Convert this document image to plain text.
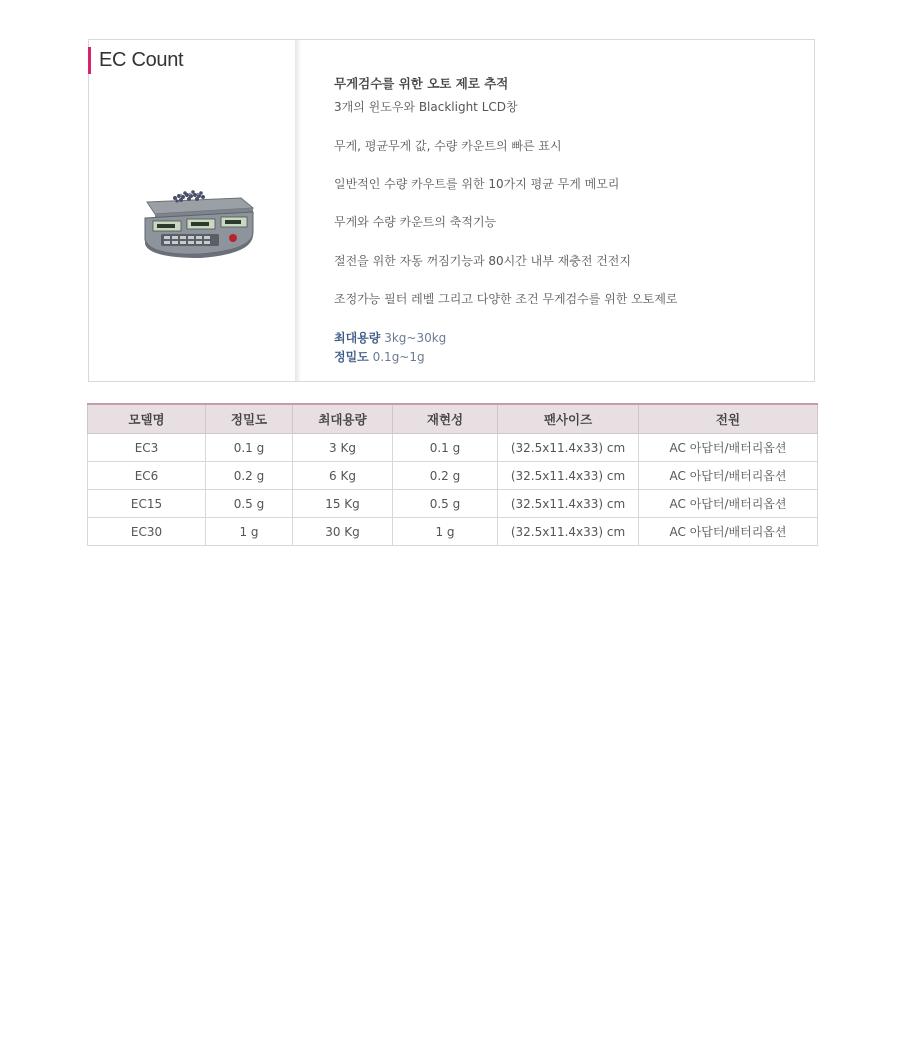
EC Count
무게검수를 위한 오토 제로 추적
3개의 윈도우와 Blacklight LCD창
무게, 평균무게 값, 수량 카운트의 빠른 표시
일반적인 수량 카우트를 위한 10가지 평균 무게 메모리
무게와 수량 카운트의 축적기능
절전을 위한 자동 꺼짐기능과 80시간 내부 재충전 건전지
조정가능 필터 레벨 그리고 다양한 조건 무게검수를 위한 오토제로
최대용량 3kg~30kg
정밀도 0.1g~1g
모델명	정밀도	최대용량	재현성	팬사이즈	전원
EC3	0.1 g	3 Kg	0.1 g	(32.5x11.4x33) cm	AC 아답터/배터리옵션
EC6	0.2 g	6 Kg	0.2 g	(32.5x11.4x33) cm	AC 아답터/배터리옵션
EC15	0.5 g	15 Kg	0.5 g	(32.5x11.4x33) cm	AC 아답터/배터리옵션
EC30	1 g	30 Kg	1 g	(32.5x11.4x33) cm	AC 아답터/배터리옵션
